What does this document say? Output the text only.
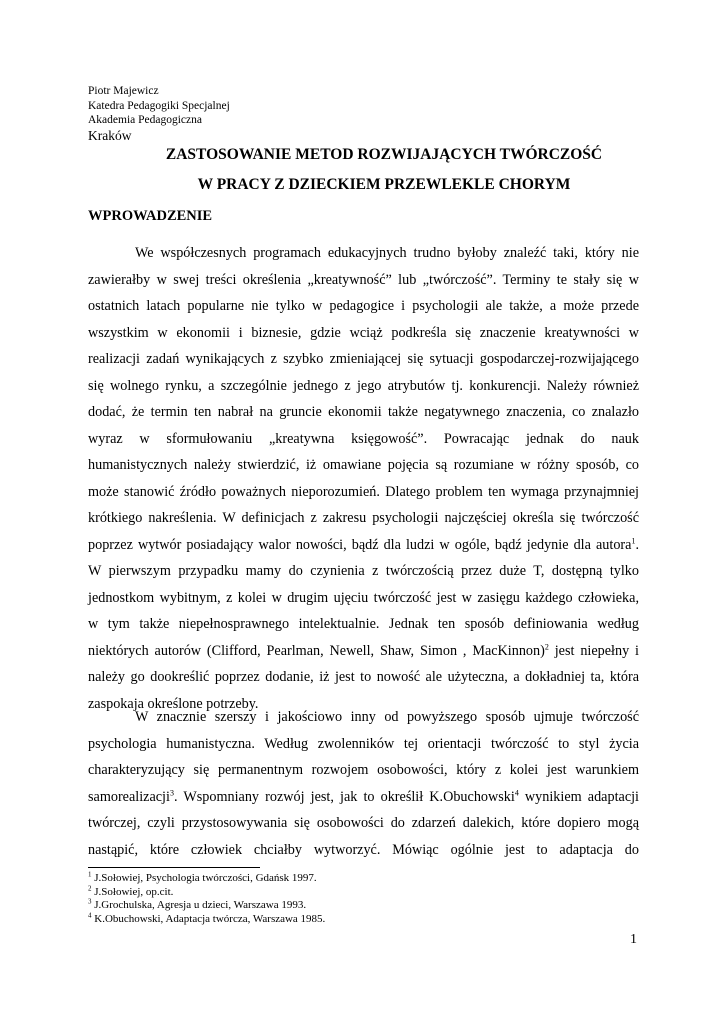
Piotr Majewicz
Katedra Pedagogiki Specjalnej
Akademia Pedagogiczna
Kraków
ZASTOSOWANIE METOD ROZWIJAJĄCYCH TWÓRCZOŚĆ
W PRACY Z DZIECKIEM PRZEWLEKLE CHORYM
WPROWADZENIE
We współczesnych programach edukacyjnych trudno byłoby znaleźć taki, który nie
zawierałby w swej treści określenia „kreatywność” lub „twórczość”. Terminy te stały się w
ostatnich latach popularne nie tylko w pedagogice i psychologii ale także, a może przede
wszystkim w ekonomii i biznesie, gdzie wciąż podkreśla się znaczenie kreatywności w
realizacji zadań wynikających z szybko zmieniającej się sytuacji gospodarczej-rozwijającego
się wolnego rynku, a szczególnie jednego z jego atrybutów tj. konkurencji. Należy również
dodać, że termin ten nabrał na gruncie ekonomii także negatywnego znaczenia, co znalazło
wyraz w sformułowaniu „kreatywna księgowość”. Powracając jednak do nauk
humanistycznych należy stwierdzić, iż omawiane pojęcia są rozumiane w różny sposób, co
może stanowić źródło poważnych nieporozumień. Dlatego problem ten wymaga przynajmniej
krótkiego nakreślenia. W definicjach z zakresu psychologii najczęściej określa się twórczość
poprzez wytwór posiadający walor nowości, bądź dla ludzi w ogóle, bądź jedynie dla autora$^1$.
W pierwszym przypadku mamy do czynienia z twórczością przez duże T, dostępną tylko
jednostkom wybitnym, z kolei w drugim ujęciu twórczość jest w zasięgu każdego człowieka,
w tym także niepełnosprawnego intelektualnie. Jednak ten sposób definiowania według
niektórych autorów (Clifford, Pearlman, Newell, Shaw, Simon , MacKinnon)$^2$ jest niepełny i
należy go dookreślić poprzez dodanie, iż jest to nowość ale użyteczna, a dokładniej ta, która
zaspokaja określone potrzeby.
W znacznie szerszy i jakościowo inny od powyższego sposób ujmuje twórczość
psychologia humanistyczna. Według zwolenników tej orientacji twórczość to styl życia
charakteryzujący się permanentnym rozwojem osobowości, który z kolei jest warunkiem
samorealizacji$^3$. Wspomniany rozwój jest, jak to określił K.Obuchowski$^4$ wynikiem adaptacji
twórczej, czyli przystosowywania się osobowości do zdarzeń dalekich, które dopiero mogą
nastąpić, które człowiek chciałby wytworzyć. Mówiąc ogólnie jest to adaptacja do
$^1$ J.Sołowiej, Psychologia twórczości, Gdańsk 1997.
$^2$ J.Sołowiej, op.cit.
$^3$ J.Grochulska, Agresja u dzieci, Warszawa 1993.
$^4$ K.Obuchowski, Adaptacja twórcza, Warszawa 1985.
1
